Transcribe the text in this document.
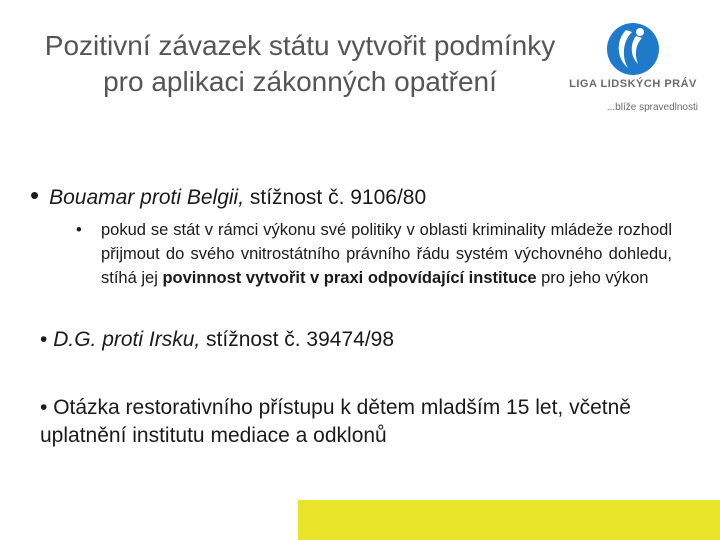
Pozitivní závazek státu vytvořit podmínky pro aplikaci zákonných opatření	LIGA LIDSKÝCH PRÁV
...blíže spravedlnosti
• Bouamar proti Belgii, stížnost č. 9106/80
• pokud se stát v rámci výkonu své politiky v oblasti kriminality mládeže rozhodl přijmout do svého vnitrostátního právního řádu systém výchovného dohledu, stíhá jej povinnost vytvořit v praxi odpovídající instituce pro jeho výkon
• D.G. proti Irsku, stížnost č. 39474/98
• Otázka restorativního přístupu k dětem mladším 15 let, včetně uplatnění institutu mediace a odklonů
